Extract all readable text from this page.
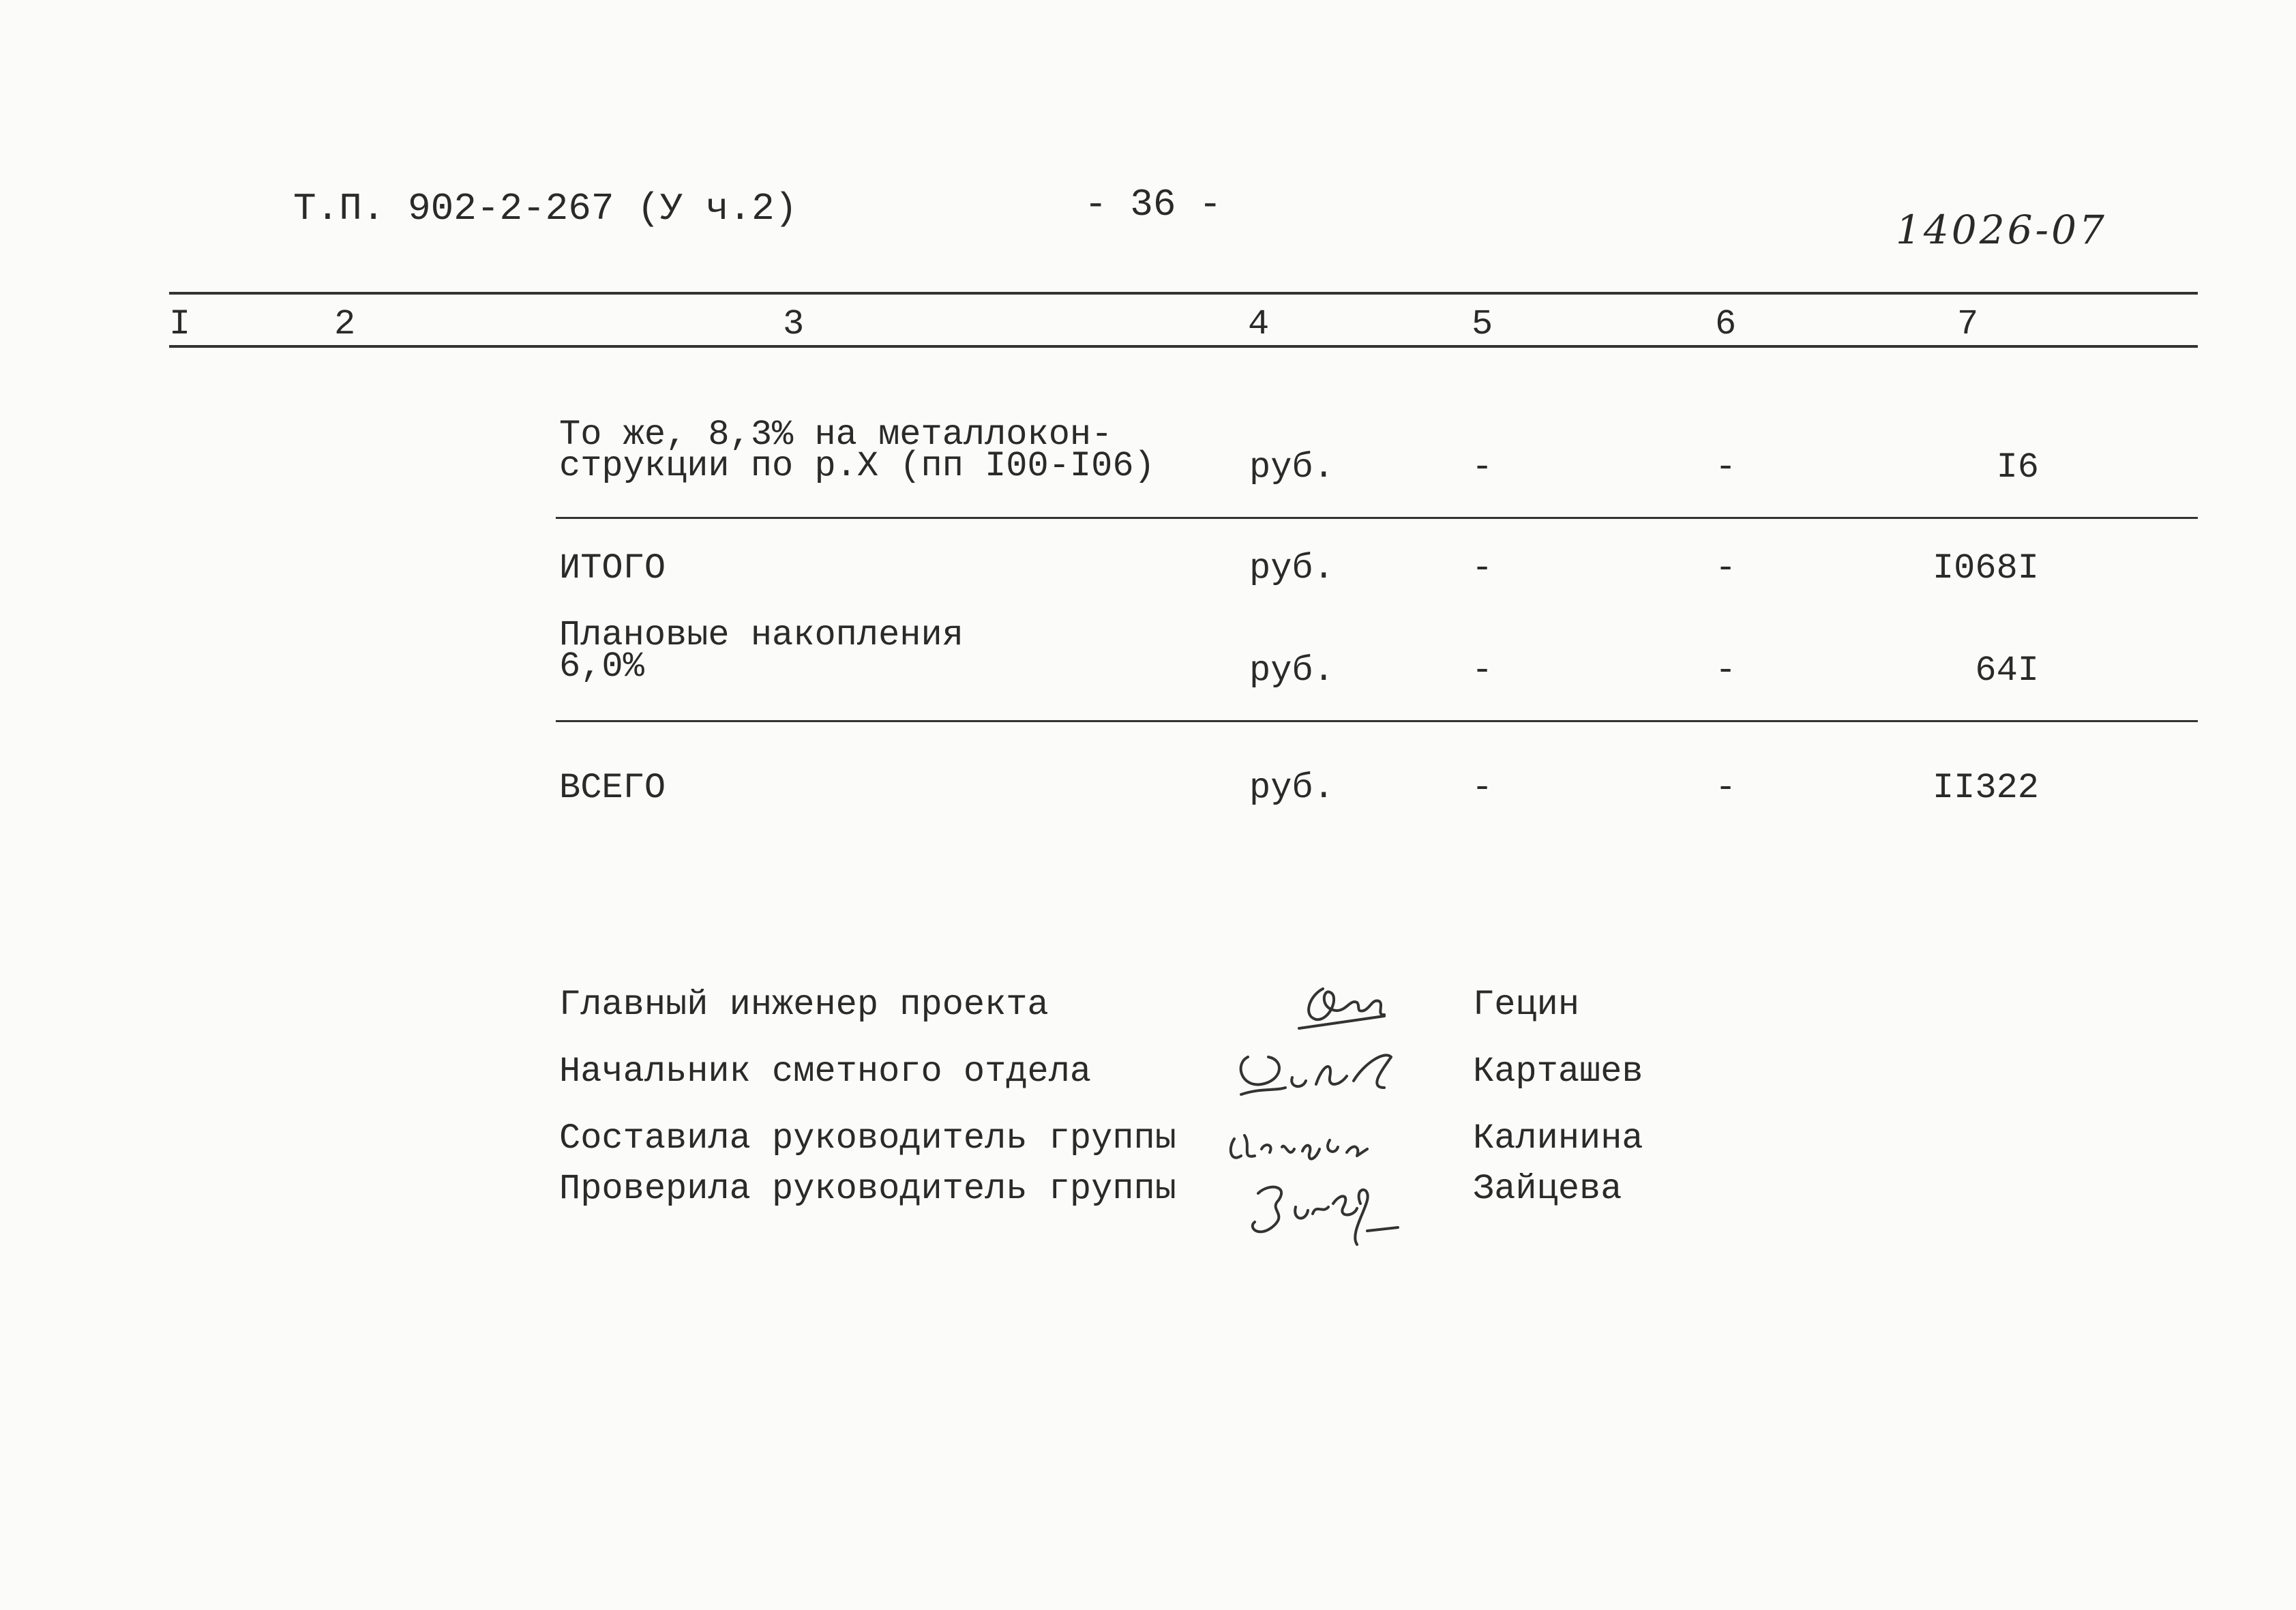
Т.П. 902-2-267 (У ч.2)	- 36 -
14026-07
I	2	3	4	5	6	7
То же, 8,3% на металлокон-
струкции по р.Х (пп I00-I06)	руб.	-	-	I6
ИТОГО	руб.	-	-	I068I
Плановые накопления
6,0%	руб.	-	-	64I
ВСЕГО	руб.	-	-	II322
Главный инженер проекта	Гецин
Начальник сметного отдела	Карташев
Составила руководитель группы	Калинина
Проверила руководитель группы	Зайцева
